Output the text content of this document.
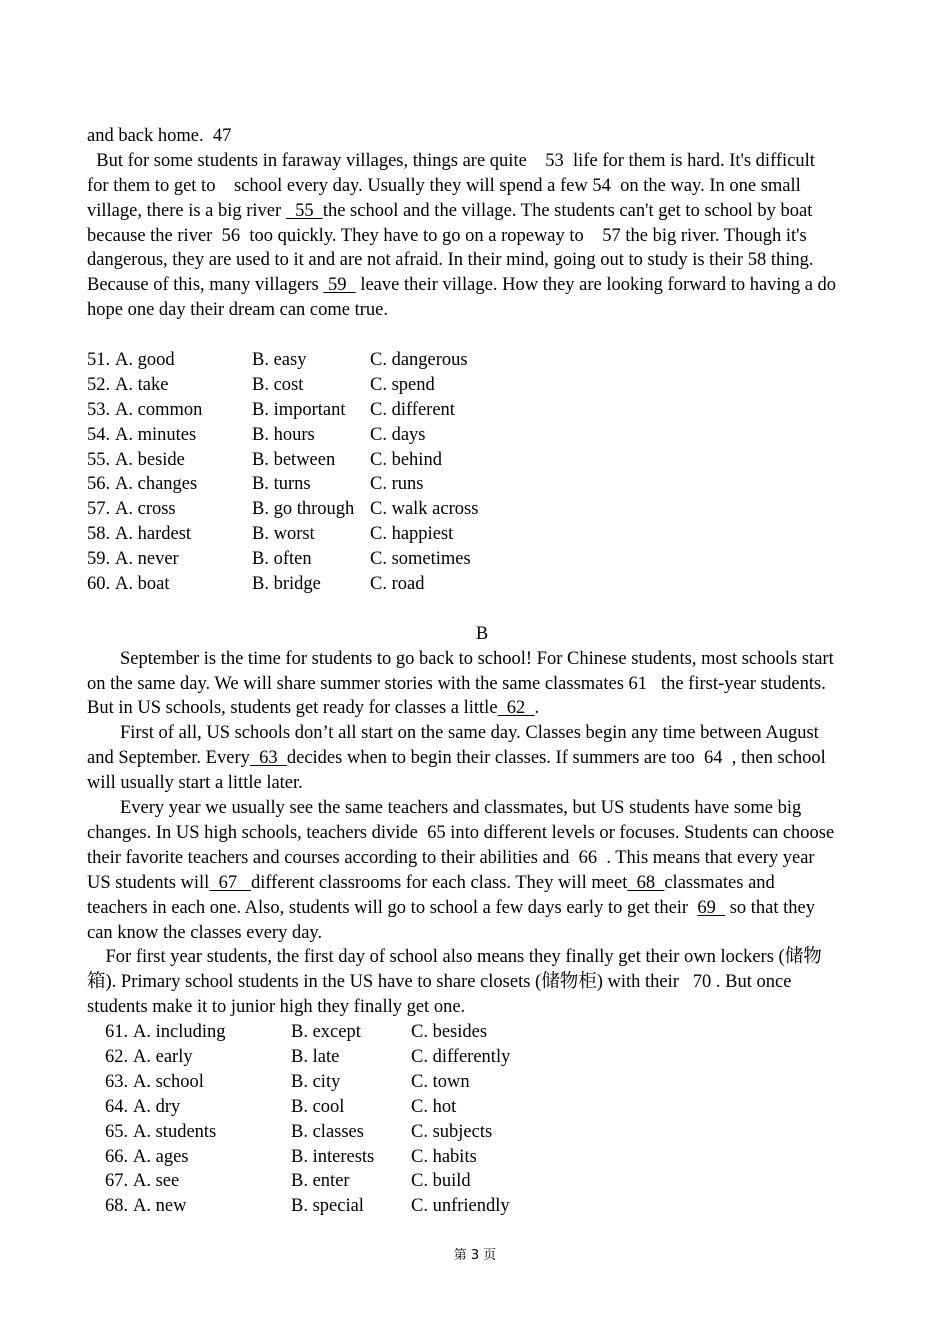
and back home.  47
But for some students in faraway villages, things are quite    53  life for them is hard. It's difficult
for them to get to    school every day. Usually they will spend a few 54  on the way. In one small
village, there is a big river   55  the school and the village. The students can't get to school by boat
because the river  56  too quickly. They have to go on a ropeway to    57 the big river. Though it's
dangerous, they are used to it and are not afraid. In their mind, going out to study is their 58 thing.
Because of this, many villagers  59   leave their village. How they are looking forward to having a do
hope one day their dream can come true.
51. A. good	B. easy	C. dangerous
52. A. take	B. cost	C. spend
53. A. common	B. important	C. different
54. A. minutes	B. hours	C. days
55. A. beside	B. between	C. behind
56. A. changes	B. turns	C. runs
57. A. cross	B. go through C. walk across
58. A. hardest	B. worst	C. happiest
59. A. never	B. often	C. sometimes
60. A. boat	B. bridge	C. road
B
September is the time for students to go back to school! For Chinese students, most schools start
on the same day. We will share summer stories with the same classmates 61   the first-year students.
But in US schools, students get ready for classes a little  62  .
First of all, US schools don’t all start on the same day. Classes begin any time between August
and September. Every  63  decides when to begin their classes. If summers are too  64  , then school
will usually start a little later.
Every year we usually see the same teachers and classmates, but US students have some big
changes. In US high schools, teachers divide  65 into different levels or focuses. Students can choose
their favorite teachers and courses according to their abilities and  66  . This means that every year
US students will  67   different classrooms for each class. They will meet  68  classmates and
teachers in each one. Also, students will go to school a few days early to get their  69   so that they
can know the classes every day.
For first year students, the first day of school also means they finally get their own lockers (储物
箱). Primary school students in the US have to share closets (储物柜) with their   70 . But once
students make it to junior high they finally get one.
61. A. including	B. except	C. besides
62. A. early	B. late	C. differently
63. A. school	B. city	C. town
64. A. dry	B. cool	C. hot
65. A. students	B. classes	C. subjects
66. A. ages	B. interests	C. habits
67. A. see	B. enter	C. build
68. A. new	B. special	C. unfriendly
第 3 页
